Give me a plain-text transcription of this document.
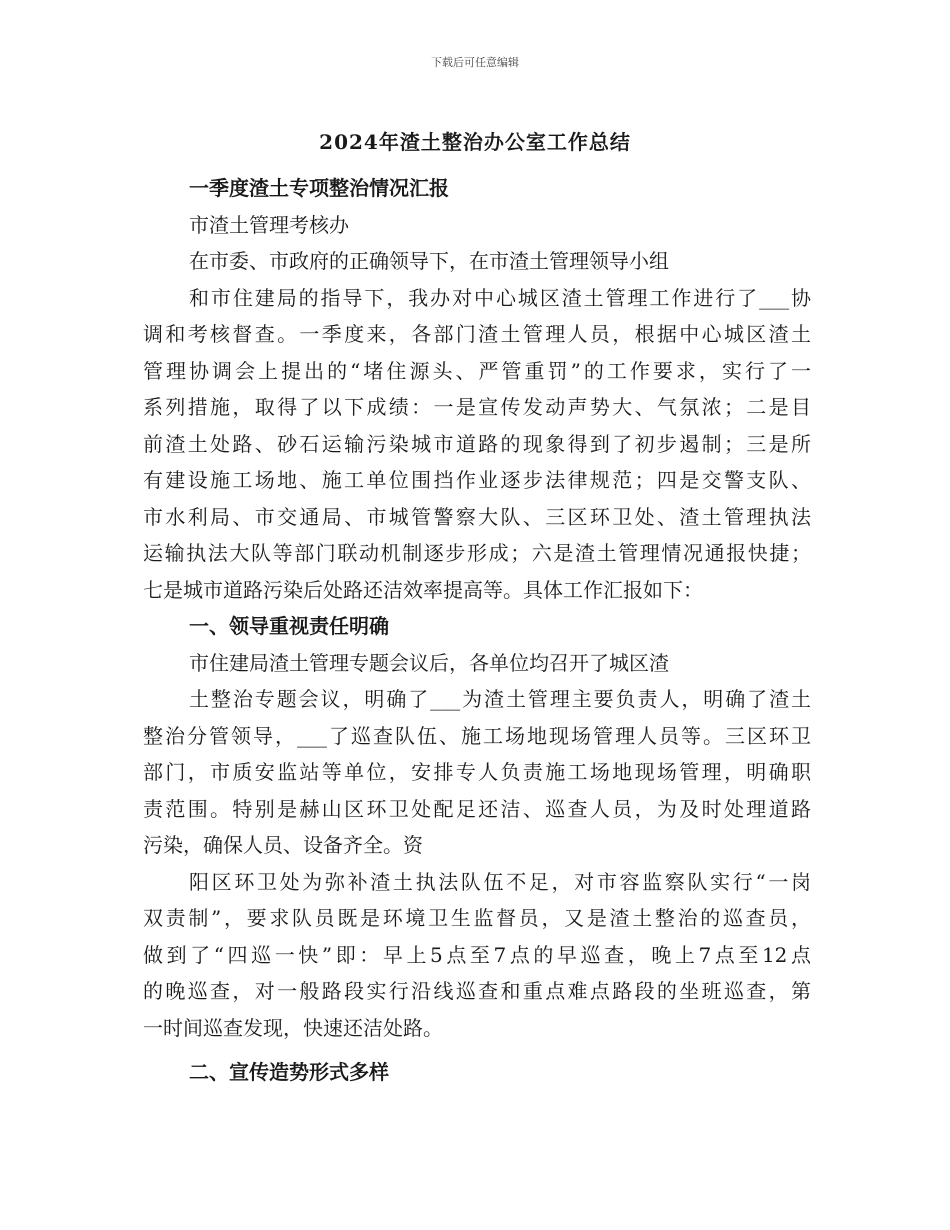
下载后可任意编辑
2024年渣土整治办公室工作总结
一季度渣土专项整治情况汇报
市渣土管理考核办
在市委、市政府的正确领导下，在市渣土管理领导小组
和市住建局的指导下，我办对中心城区渣土管理工作进行了___协
调和考核督查。一季度来，各部门渣土管理人员，根据中心城区渣土
管理协调会上提出的“堵住源头、严管重罚”的工作要求，实行了一
系列措施，取得了以下成绩：一是宣传发动声势大、气氛浓；二是目
前渣土处路、砂石运输污染城市道路的现象得到了初步遏制；三是所
有建设施工场地、施工单位围挡作业逐步法律规范；四是交警支队、
市水利局、市交通局、市城管警察大队、三区环卫处、渣土管理执法
运输执法大队等部门联动机制逐步形成；六是渣土管理情况通报快捷；
七是城市道路污染后处路还洁效率提高等。具体工作汇报如下：
一、领导重视责任明确
市住建局渣土管理专题会议后，各单位均召开了城区渣
土整治专题会议，明确了___为渣土管理主要负责人，明确了渣土
整治分管领导，___了巡查队伍、施工场地现场管理人员等。三区环卫
部门，市质安监站等单位，安排专人负责施工场地现场管理，明确职
责范围。特别是赫山区环卫处配足还洁、巡查人员，为及时处理道路
污染，确保人员、设备齐全。资
阳区环卫处为弥补渣土执法队伍不足，对市容监察队实行“一岗
双责制”，要求队员既是环境卫生监督员，又是渣土整治的巡查员，
做到了“四巡一快”即：早上5点至7点的早巡查，晚上7点至12点
的晚巡查，对一般路段实行沿线巡查和重点难点路段的坐班巡查，第
一时间巡查发现，快速还洁处路。
二、宣传造势形式多样
